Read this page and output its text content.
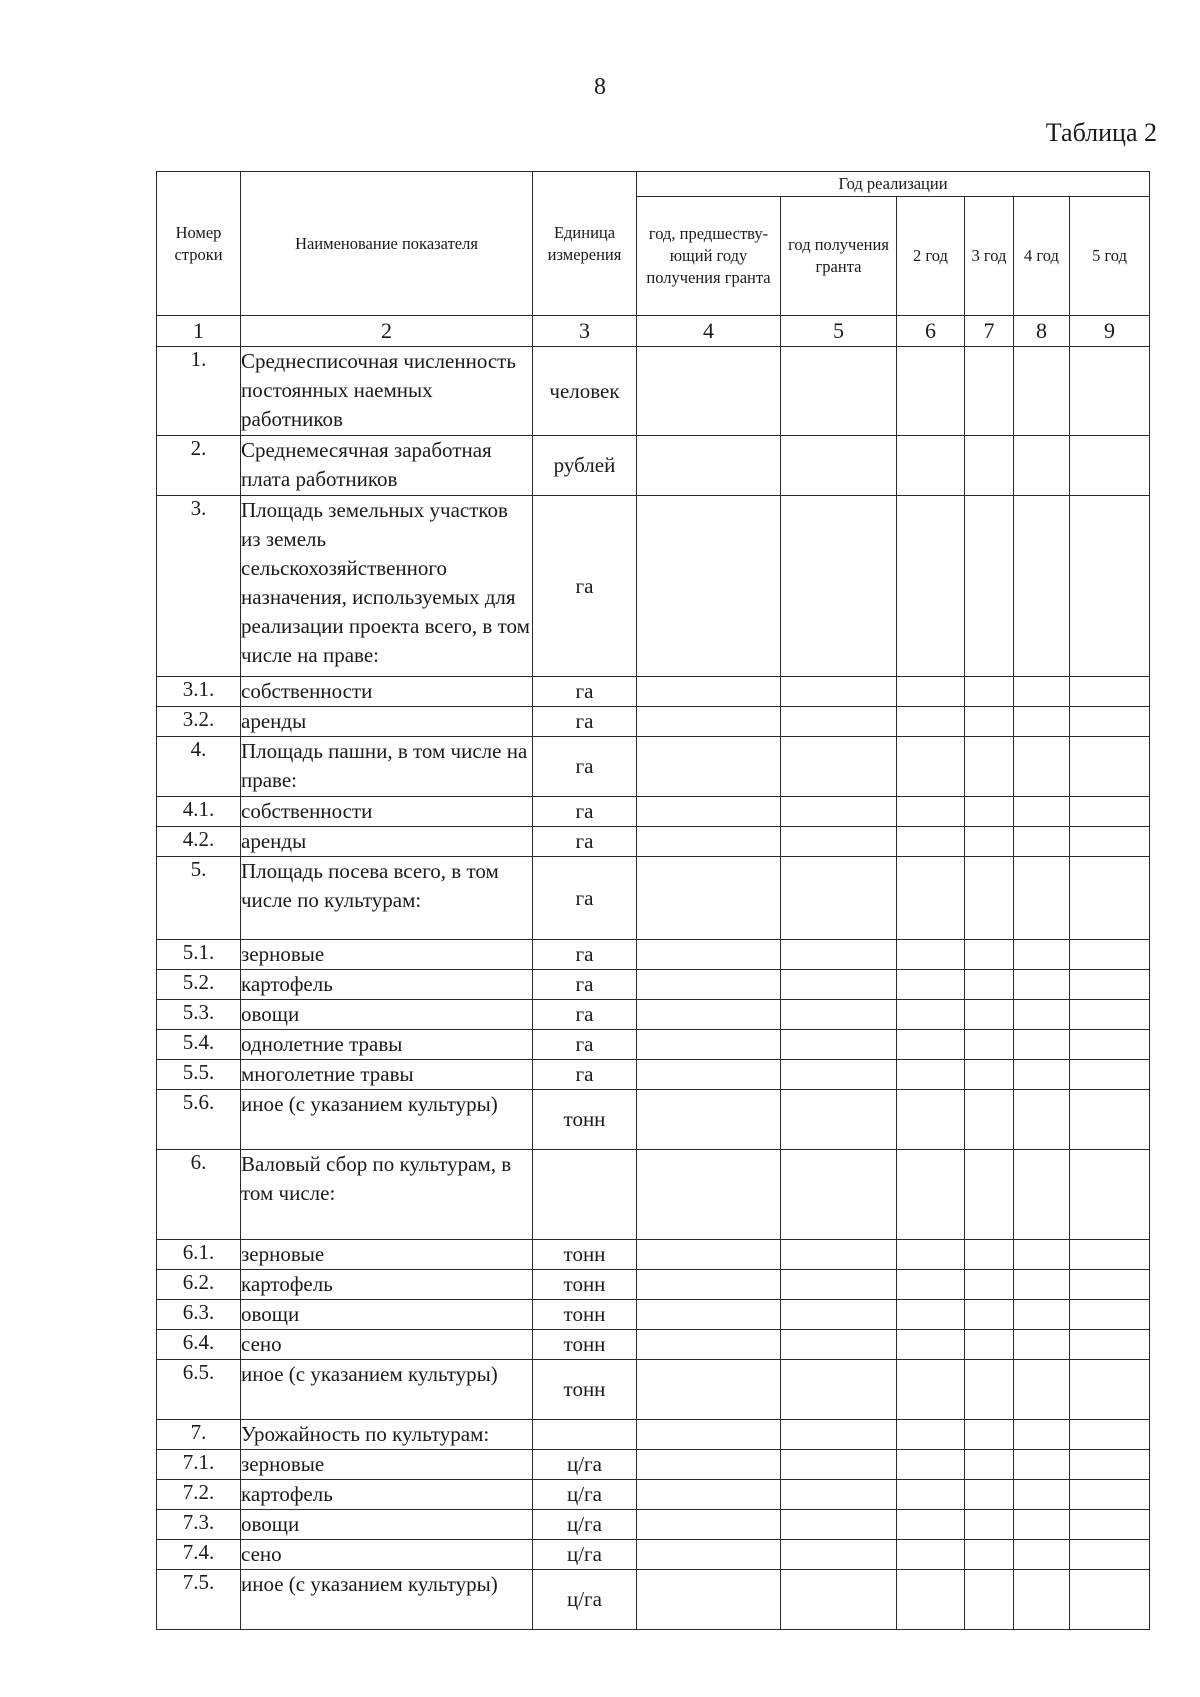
8
Таблица 2
Номер строки	Наименование показателя	Единица измерения	Год реализации					
			год, предшеству-ющий году получения гранта	год получения гранта	2 год	3 год	4 год	5 год
1	2	3	4	5	6	7	8	9
1.	Среднесписочная численность постоянных наемных работников	человек						
2.	Среднемесячная заработная плата работников	рублей						
3.	Площадь земельных участков из земель сельскохозяйственного назначения, используемых для реализации проекта всего, в том числе на праве:	га						
3.1.	собственности	га						
3.2.	аренды	га						
4.	Площадь пашни, в том числе на праве:	га						
4.1.	собственности	га						
4.2.	аренды	га						
5.	Площадь посева всего, в том числе по культурам:	га						
5.1.	зерновые	га						
5.2.	картофель	га						
5.3.	овощи	га						
5.4.	однолетние травы	га						
5.5.	многолетние травы	га						
5.6.	иное (с указанием культуры)	тонн						
6.	Валовый сбор по культурам, в том числе:							
6.1.	зерновые	тонн						
6.2.	картофель	тонн						
6.3.	овощи	тонн						
6.4.	сено	тонн						
6.5.	иное (с указанием культуры)	тонн						
7.	Урожайность по культурам:							
7.1.	зерновые	ц/га						
7.2.	картофель	ц/га						
7.3.	овощи	ц/га						
7.4.	сено	ц/га						
7.5.	иное (с указанием культуры)	ц/га						
